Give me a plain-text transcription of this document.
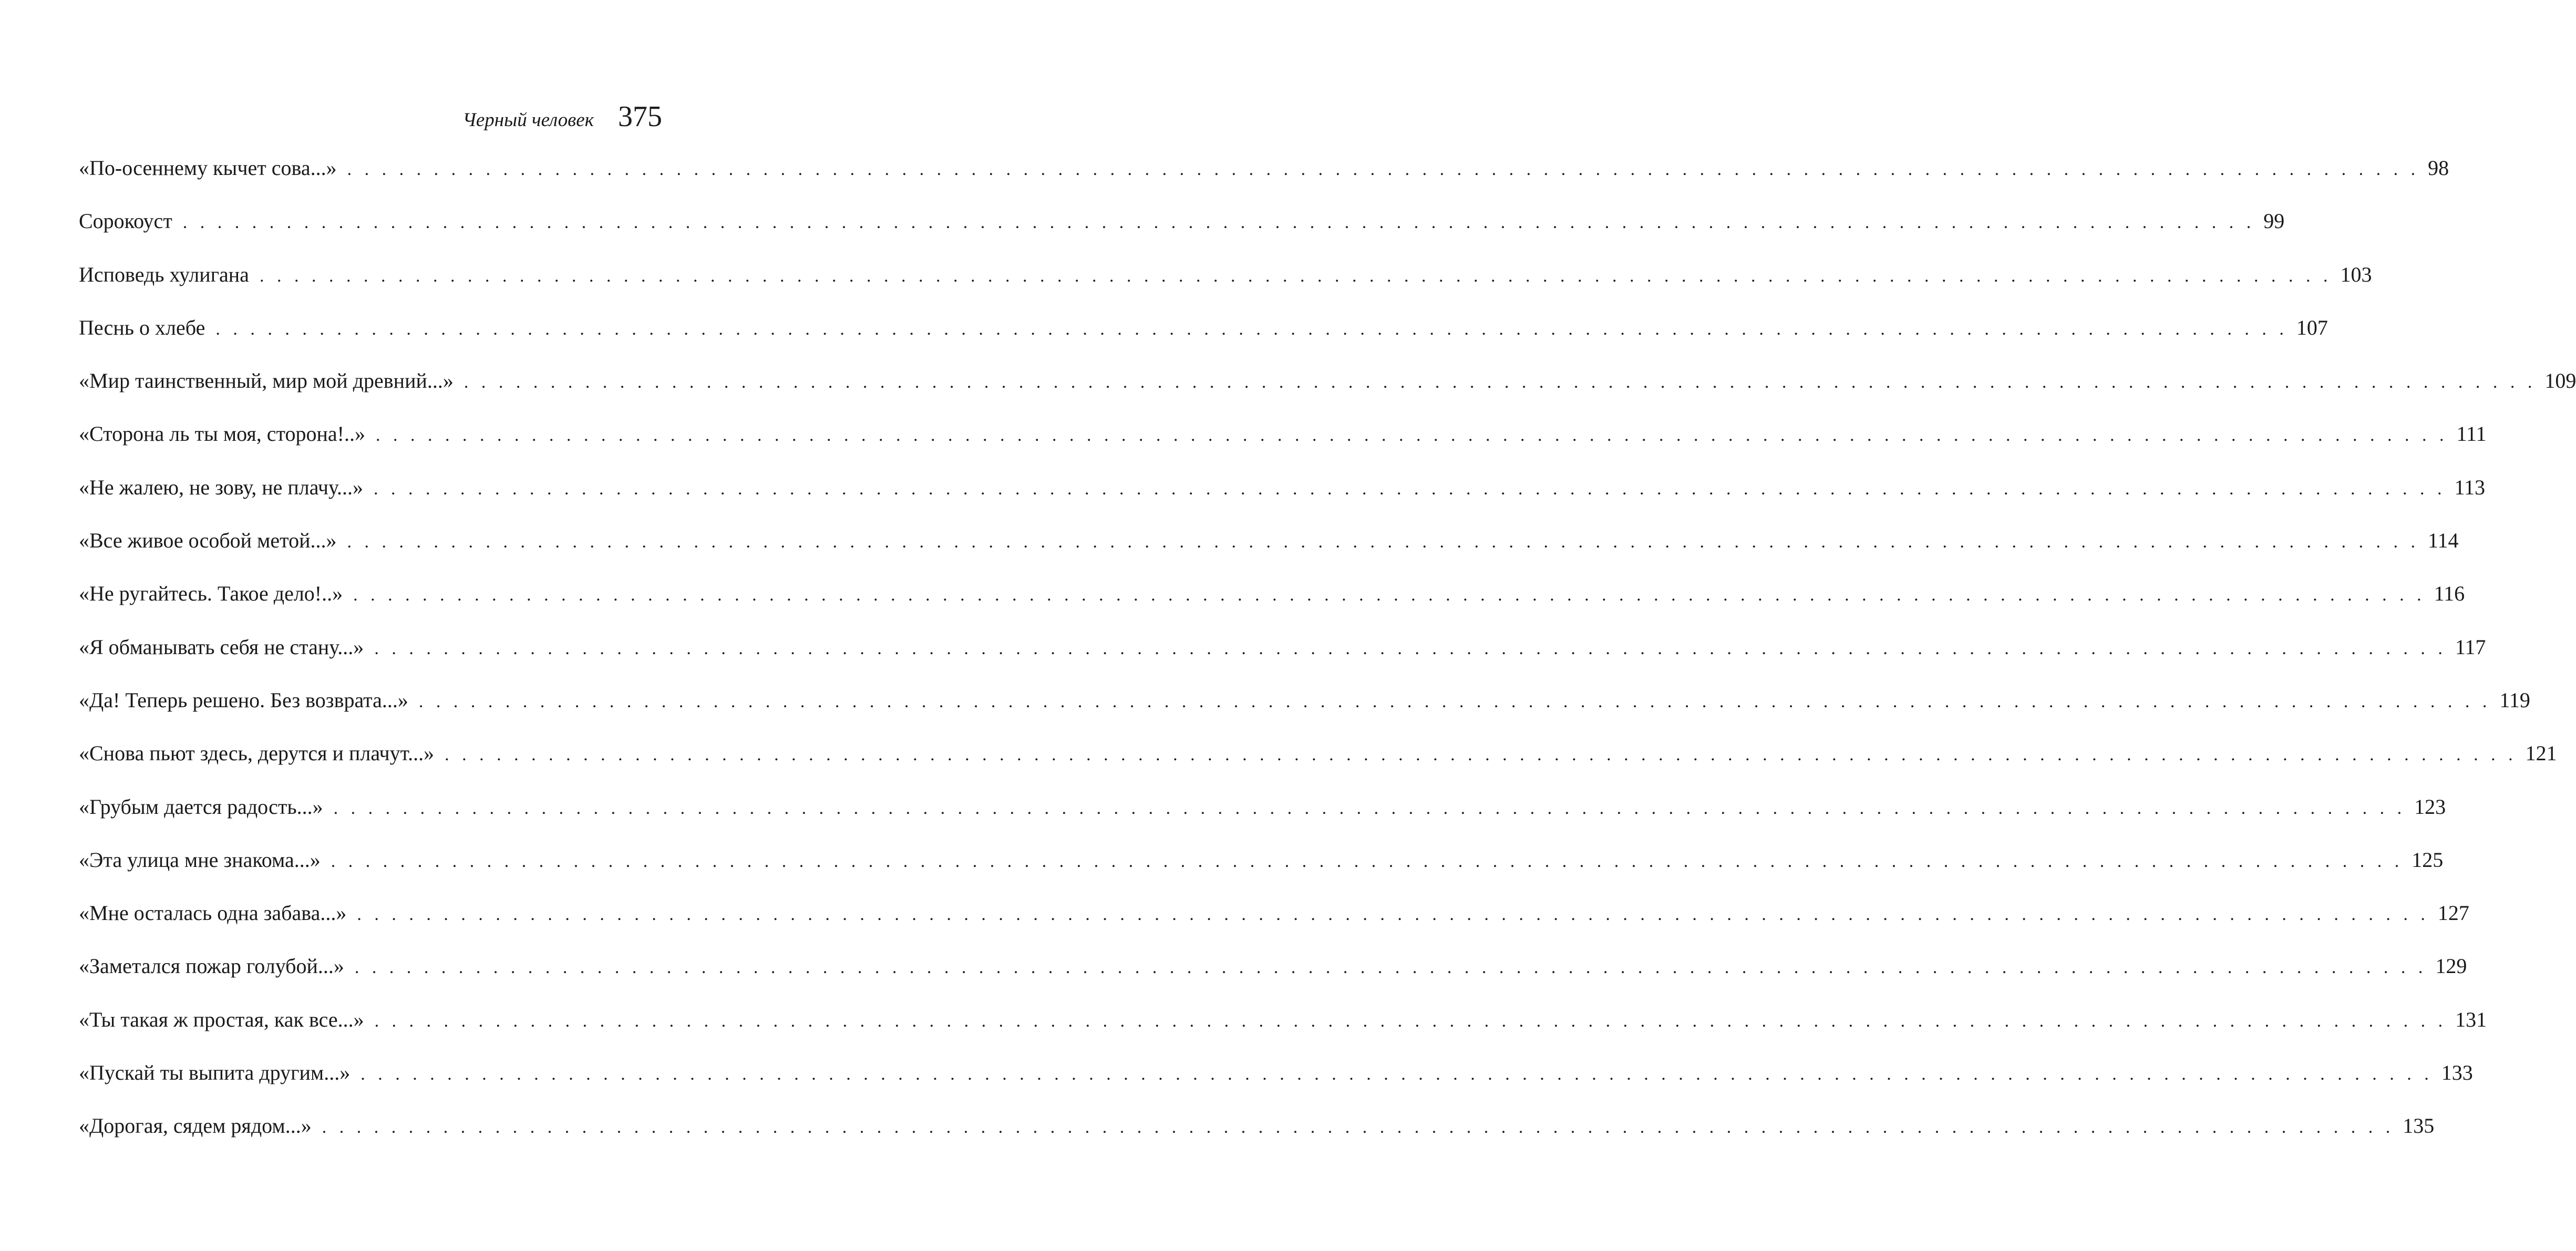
Черный человек 375
«По-осеннему кычет сова...» . . . . . . . . . . . . . . . . . . . . . . . . . . . . . . . . . . . . . . . . . . . . . . . . . . . . . . . . . . . . . . . . . . . . . . . . . . . . . . . . . . . . . . . . . . . . . . . . . . . . . . . . . . . . . . . . . . . . . . . . 98
Сорокоуст . . . . . . . . . . . . . . . . . . . . . . . . . . . . . . . . . . . . . . . . . . . . . . . . . . . . . . . . . . . . . . . . . . . . . . . . . . . . . . . . . . . . . . . . . . . . . . . . . . . . . . . . . . . . . . . . . . . . . . . . 99
Исповедь хулигана . . . . . . . . . . . . . . . . . . . . . . . . . . . . . . . . . . . . . . . . . . . . . . . . . . . . . . . . . . . . . . . . . . . . . . . . . . . . . . . . . . . . . . . . . . . . . . . . . . . . . . . . . . . . . . . . . . . . . . . . 103
Песнь о хлебе . . . . . . . . . . . . . . . . . . . . . . . . . . . . . . . . . . . . . . . . . . . . . . . . . . . . . . . . . . . . . . . . . . . . . . . . . . . . . . . . . . . . . . . . . . . . . . . . . . . . . . . . . . . . . . . . . . . . . . . . 107
«Мир таинственный, мир мой древний...» . . . . . . . . . . . . . . . . . . . . . . . . . . . . . . . . . . . . . . . . . . . . . . . . . . . . . . . . . . . . . . . . . . . . . . . . . . . . . . . . . . . . . . . . . . . . . . . . . . . . . . . . . . . . . . . . . . . . . . . . 109
«Сторона ль ты моя, сторона!..» . . . . . . . . . . . . . . . . . . . . . . . . . . . . . . . . . . . . . . . . . . . . . . . . . . . . . . . . . . . . . . . . . . . . . . . . . . . . . . . . . . . . . . . . . . . . . . . . . . . . . . . . . . . . . . . . . . . . . . . . 111
«Не жалею, не зову, не плачу...» . . . . . . . . . . . . . . . . . . . . . . . . . . . . . . . . . . . . . . . . . . . . . . . . . . . . . . . . . . . . . . . . . . . . . . . . . . . . . . . . . . . . . . . . . . . . . . . . . . . . . . . . . . . . . . . . . . . . . . . . 113
«Все живое особой метой...» . . . . . . . . . . . . . . . . . . . . . . . . . . . . . . . . . . . . . . . . . . . . . . . . . . . . . . . . . . . . . . . . . . . . . . . . . . . . . . . . . . . . . . . . . . . . . . . . . . . . . . . . . . . . . . . . . . . . . . . . 114
«Не ругайтесь. Такое дело!..» . . . . . . . . . . . . . . . . . . . . . . . . . . . . . . . . . . . . . . . . . . . . . . . . . . . . . . . . . . . . . . . . . . . . . . . . . . . . . . . . . . . . . . . . . . . . . . . . . . . . . . . . . . . . . . . . . . . . . . . . 116
«Я обманывать себя не стану...» . . . . . . . . . . . . . . . . . . . . . . . . . . . . . . . . . . . . . . . . . . . . . . . . . . . . . . . . . . . . . . . . . . . . . . . . . . . . . . . . . . . . . . . . . . . . . . . . . . . . . . . . . . . . . . . . . . . . . . . . 117
«Да! Теперь решено. Без возврата...» . . . . . . . . . . . . . . . . . . . . . . . . . . . . . . . . . . . . . . . . . . . . . . . . . . . . . . . . . . . . . . . . . . . . . . . . . . . . . . . . . . . . . . . . . . . . . . . . . . . . . . . . . . . . . . . . . . . . . . . . 119
«Снова пьют здесь, дерутся и плачут...» . . . . . . . . . . . . . . . . . . . . . . . . . . . . . . . . . . . . . . . . . . . . . . . . . . . . . . . . . . . . . . . . . . . . . . . . . . . . . . . . . . . . . . . . . . . . . . . . . . . . . . . . . . . . . . . . . . . . . . . . 121
«Грубым дается радость...» . . . . . . . . . . . . . . . . . . . . . . . . . . . . . . . . . . . . . . . . . . . . . . . . . . . . . . . . . . . . . . . . . . . . . . . . . . . . . . . . . . . . . . . . . . . . . . . . . . . . . . . . . . . . . . . . . . . . . . . . 123
«Эта улица мне знакома...» . . . . . . . . . . . . . . . . . . . . . . . . . . . . . . . . . . . . . . . . . . . . . . . . . . . . . . . . . . . . . . . . . . . . . . . . . . . . . . . . . . . . . . . . . . . . . . . . . . . . . . . . . . . . . . . . . . . . . . . . 125
«Мне осталась одна забава...» . . . . . . . . . . . . . . . . . . . . . . . . . . . . . . . . . . . . . . . . . . . . . . . . . . . . . . . . . . . . . . . . . . . . . . . . . . . . . . . . . . . . . . . . . . . . . . . . . . . . . . . . . . . . . . . . . . . . . . . . 127
«Заметался пожар голубой...» . . . . . . . . . . . . . . . . . . . . . . . . . . . . . . . . . . . . . . . . . . . . . . . . . . . . . . . . . . . . . . . . . . . . . . . . . . . . . . . . . . . . . . . . . . . . . . . . . . . . . . . . . . . . . . . . . . . . . . . . 129
«Ты такая ж простая, как все...» . . . . . . . . . . . . . . . . . . . . . . . . . . . . . . . . . . . . . . . . . . . . . . . . . . . . . . . . . . . . . . . . . . . . . . . . . . . . . . . . . . . . . . . . . . . . . . . . . . . . . . . . . . . . . . . . . . . . . . . . 131
«Пускай ты выпита другим...» . . . . . . . . . . . . . . . . . . . . . . . . . . . . . . . . . . . . . . . . . . . . . . . . . . . . . . . . . . . . . . . . . . . . . . . . . . . . . . . . . . . . . . . . . . . . . . . . . . . . . . . . . . . . . . . . . . . . . . . . 133
«Дорогая, сядем рядом...» . . . . . . . . . . . . . . . . . . . . . . . . . . . . . . . . . . . . . . . . . . . . . . . . . . . . . . . . . . . . . . . . . . . . . . . . . . . . . . . . . . . . . . . . . . . . . . . . . . . . . . . . . . . . . . . . . . . . . . . . 135
